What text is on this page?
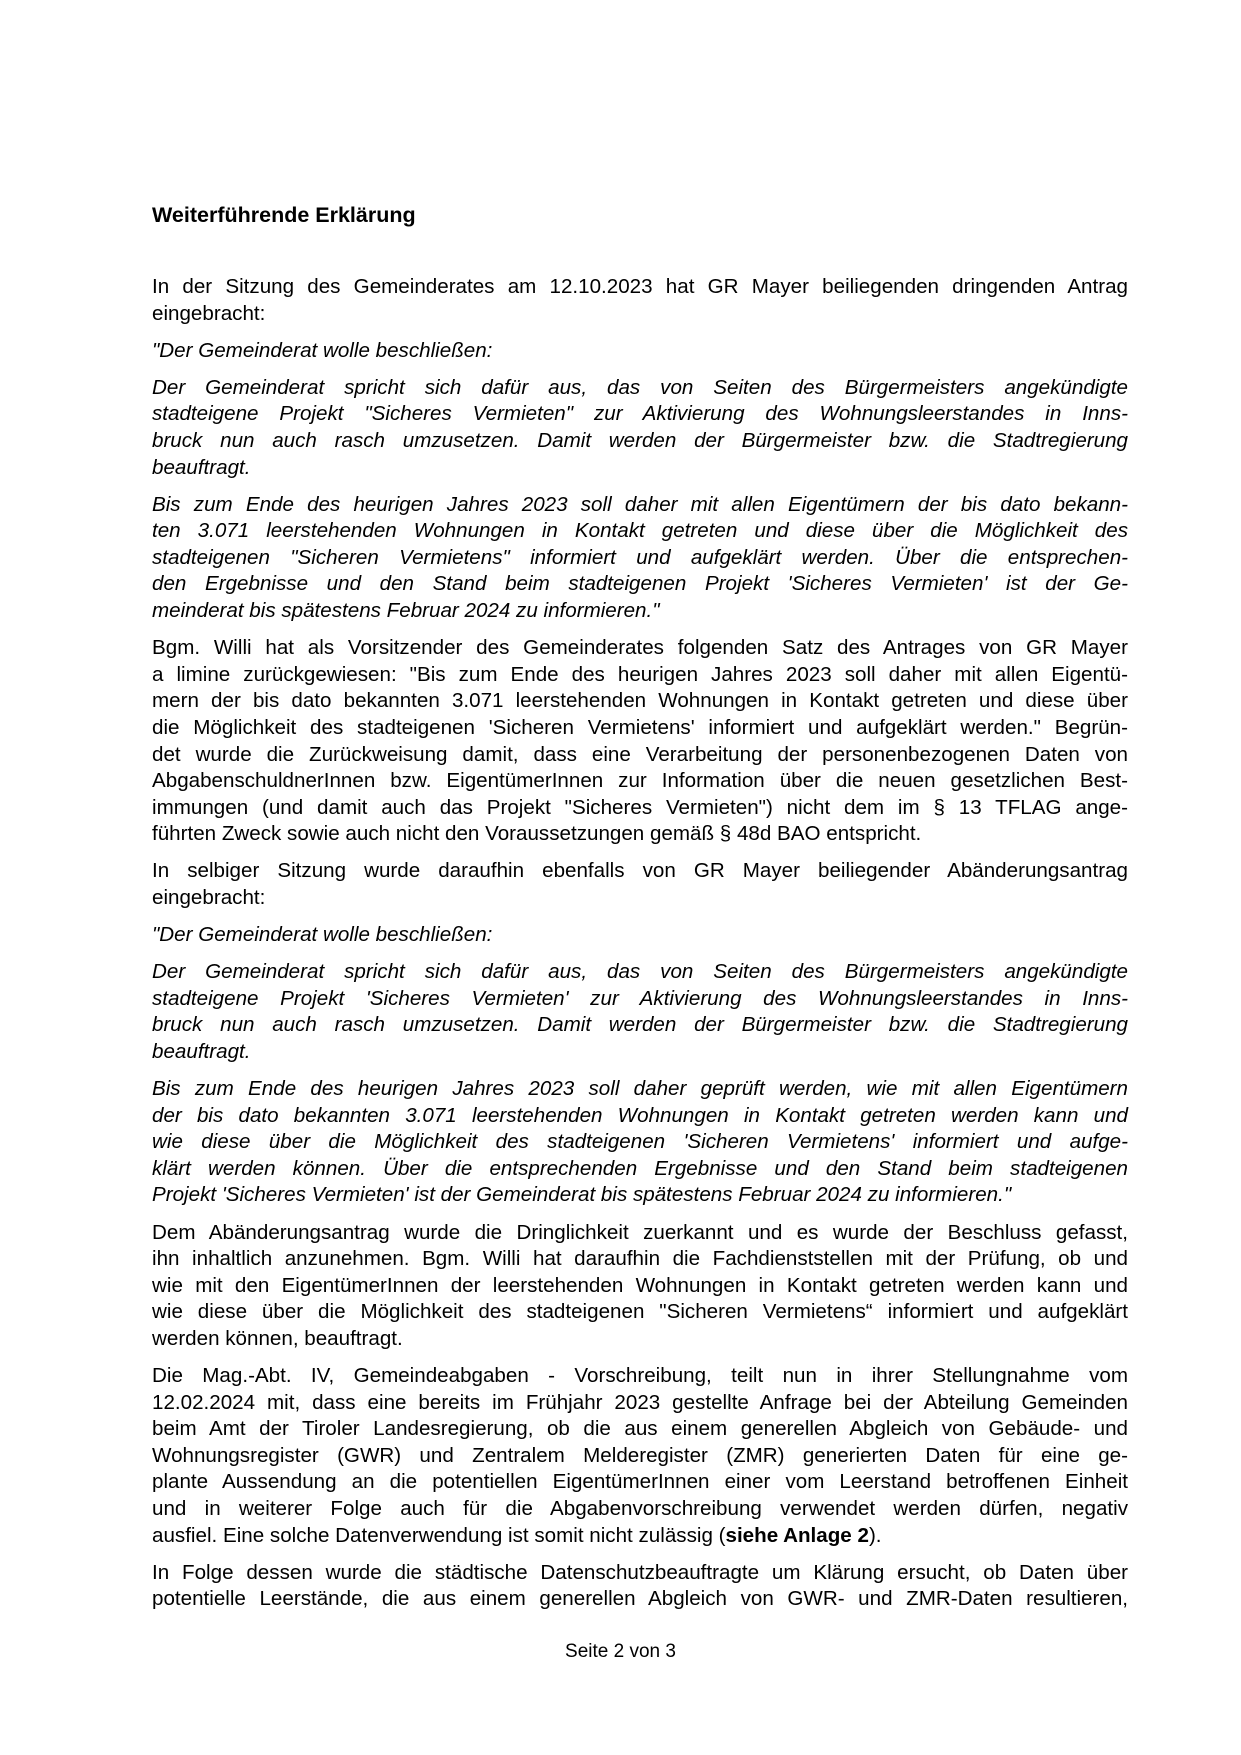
Weiterführende Erklärung
In der Sitzung des Gemeinderates am 12.10.2023 hat GR Mayer beiliegenden dringenden Antrag
eingebracht:
"Der Gemeinderat wolle beschließen:
Der Gemeinderat spricht sich dafür aus, das von Seiten des Bürgermeisters angekündigte
stadteigene Projekt "Sicheres Vermieten" zur Aktivierung des Wohnungsleerstandes in Inns-
bruck nun auch rasch umzusetzen. Damit werden der Bürgermeister bzw. die Stadtregierung
beauftragt.
Bis zum Ende des heurigen Jahres 2023 soll daher mit allen Eigentümern der bis dato bekann-
ten 3.071 leerstehenden Wohnungen in Kontakt getreten und diese über die Möglichkeit des
stadteigenen "Sicheren Vermietens" informiert und aufgeklärt werden. Über die entsprechen-
den Ergebnisse und den Stand beim stadteigenen Projekt 'Sicheres Vermieten' ist der Ge-
meinderat bis spätestens Februar 2024 zu informieren."
Bgm. Willi hat als Vorsitzender des Gemeinderates folgenden Satz des Antrages von GR Mayer
a limine zurückgewiesen: "Bis zum Ende des heurigen Jahres 2023 soll daher mit allen Eigentü-
mern der bis dato bekannten 3.071 leerstehenden Wohnungen in Kontakt getreten und diese über
die Möglichkeit des stadteigenen 'Sicheren Vermietens' informiert und aufgeklärt werden." Begrün-
det wurde die Zurückweisung damit, dass eine Verarbeitung der personenbezogenen Daten von
AbgabenschuldnerInnen bzw. EigentümerInnen zur Information über die neuen gesetzlichen Best-
immungen (und damit auch das Projekt "Sicheres Vermieten") nicht dem im § 13 TFLAG ange-
führten Zweck sowie auch nicht den Voraussetzungen gemäß § 48d BAO entspricht.
In selbiger Sitzung wurde daraufhin ebenfalls von GR Mayer beiliegender Abänderungsantrag
eingebracht:
"Der Gemeinderat wolle beschließen:
Der Gemeinderat spricht sich dafür aus, das von Seiten des Bürgermeisters angekündigte
stadteigene Projekt 'Sicheres Vermieten' zur Aktivierung des Wohnungsleerstandes in Inns-
bruck nun auch rasch umzusetzen. Damit werden der Bürgermeister bzw. die Stadtregierung
beauftragt.
Bis zum Ende des heurigen Jahres 2023 soll daher geprüft werden, wie mit allen Eigentümern
der bis dato bekannten 3.071 leerstehenden Wohnungen in Kontakt getreten werden kann und
wie diese über die Möglichkeit des stadteigenen 'Sicheren Vermietens' informiert und aufge-
klärt werden können. Über die entsprechenden Ergebnisse und den Stand beim stadteigenen
Projekt 'Sicheres Vermieten' ist der Gemeinderat bis spätestens Februar 2024 zu informieren."
Dem Abänderungsantrag wurde die Dringlichkeit zuerkannt und es wurde der Beschluss gefasst,
ihn inhaltlich anzunehmen. Bgm. Willi hat daraufhin die Fachdienststellen mit der Prüfung, ob und
wie mit den EigentümerInnen der leerstehenden Wohnungen in Kontakt getreten werden kann und
wie diese über die Möglichkeit des stadteigenen "Sicheren Vermietens“ informiert und aufgeklärt
werden können, beauftragt.
Die Mag.-Abt. IV, Gemeindeabgaben - Vorschreibung, teilt nun in ihrer Stellungnahme vom
12.02.2024 mit, dass eine bereits im Frühjahr 2023 gestellte Anfrage bei der Abteilung Gemeinden
beim Amt der Tiroler Landesregierung, ob die aus einem generellen Abgleich von Gebäude- und
Wohnungsregister (GWR) und Zentralem Melderegister (ZMR) generierten Daten für eine ge-
plante Aussendung an die potentiellen EigentümerInnen einer vom Leerstand betroffenen Einheit
und in weiterer Folge auch für die Abgabenvorschreibung verwendet werden dürfen, negativ
ausfiel. Eine solche Datenverwendung ist somit nicht zulässig (siehe Anlage 2).
In Folge dessen wurde die städtische Datenschutzbeauftragte um Klärung ersucht, ob Daten über
potentielle Leerstände, die aus einem generellen Abgleich von GWR- und ZMR-Daten resultieren,
Seite 2 von 3
